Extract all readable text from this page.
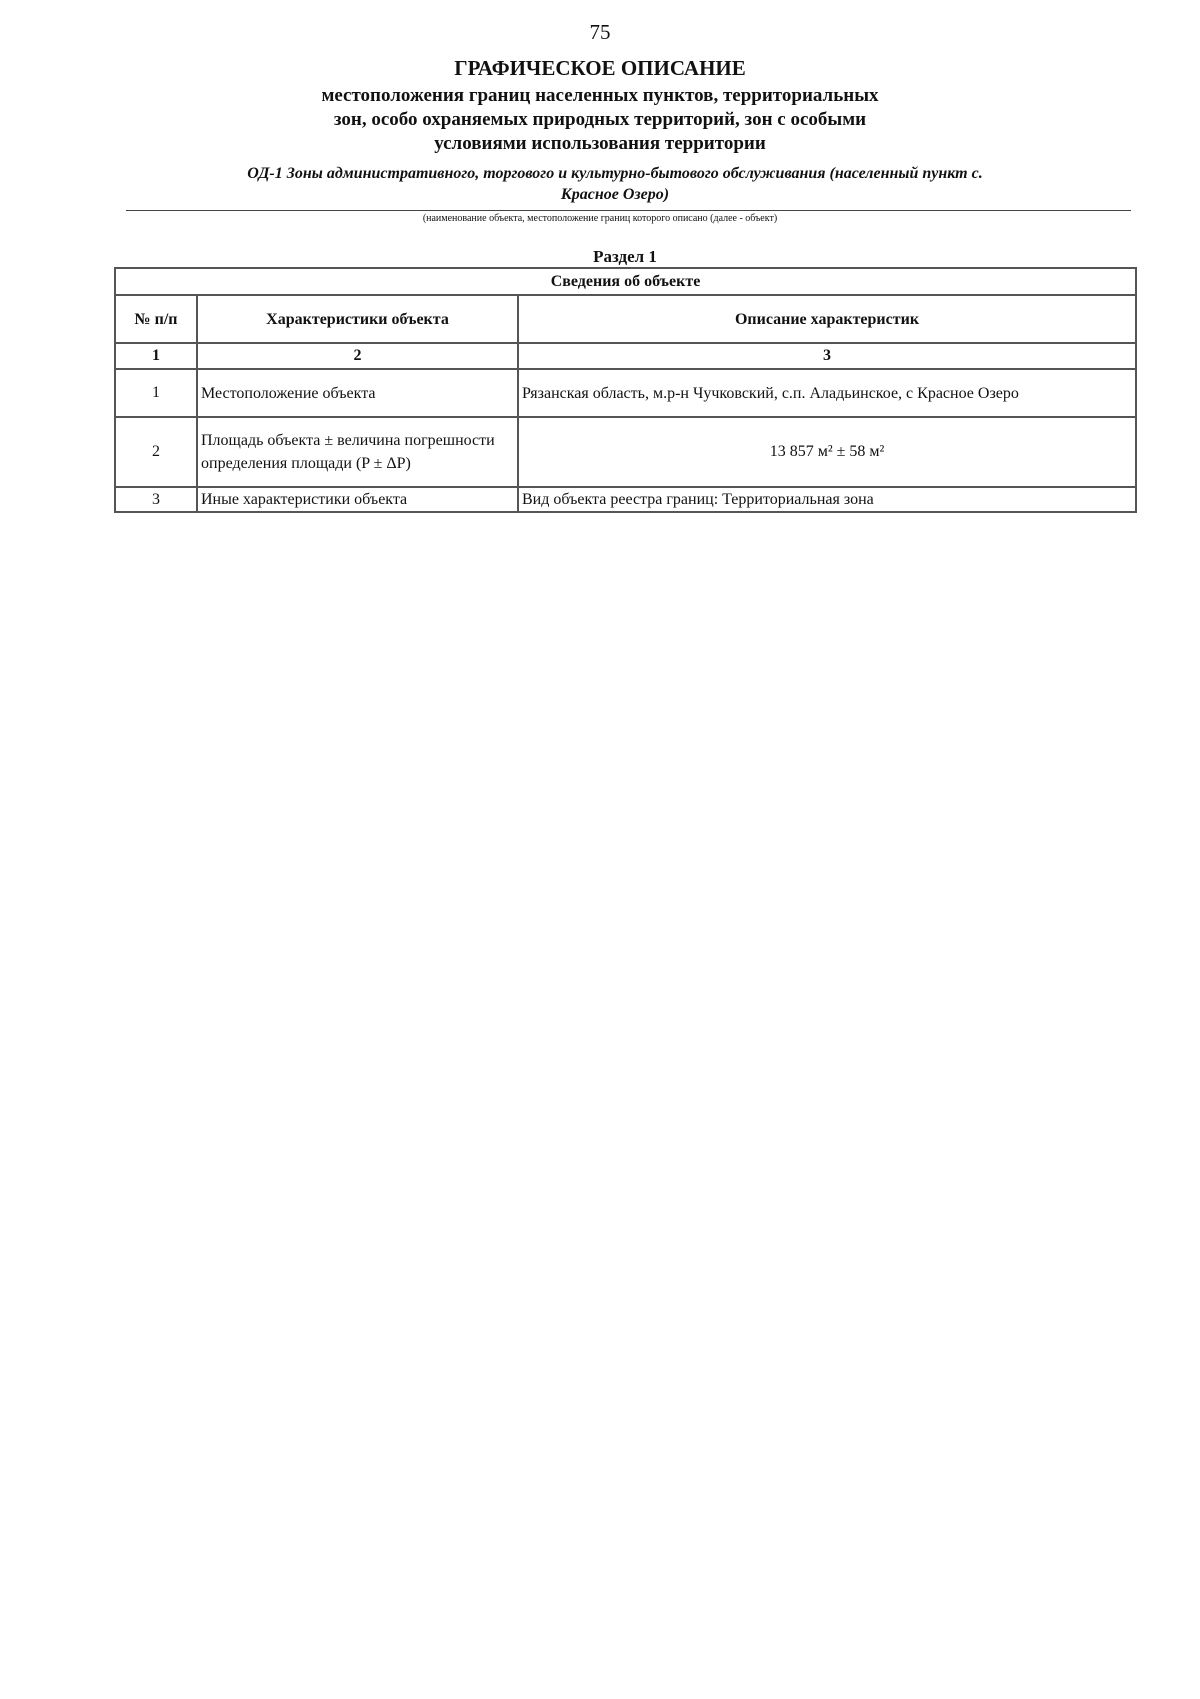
75
ГРАФИЧЕСКОЕ ОПИСАНИЕ
местоположения границ населенных пунктов, территориальных
зон, особо охраняемых природных территорий, зон с особыми
условиями использования территории
ОД-1 Зоны административного, торгового и культурно-бытового обслуживания (населенный пункт с.
Красное Озеро)
(наименование объекта, местоположение границ которого описано (далее - объект)
Раздел 1
Сведения об объекте		
№ п/п	Характеристики объекта	Описание характеристик
1	2	3
1	Местоположение объекта	Рязанская область, м.р-н Чучковский, с.п. Аладьинское, с Красное Озеро
2	Площадь объекта ± величина погрешности определения площади (P ± ΔP)	13 857 м² ± 58 м²
3	Иные характеристики объекта	Вид объекта реестра границ: Территориальная зона
